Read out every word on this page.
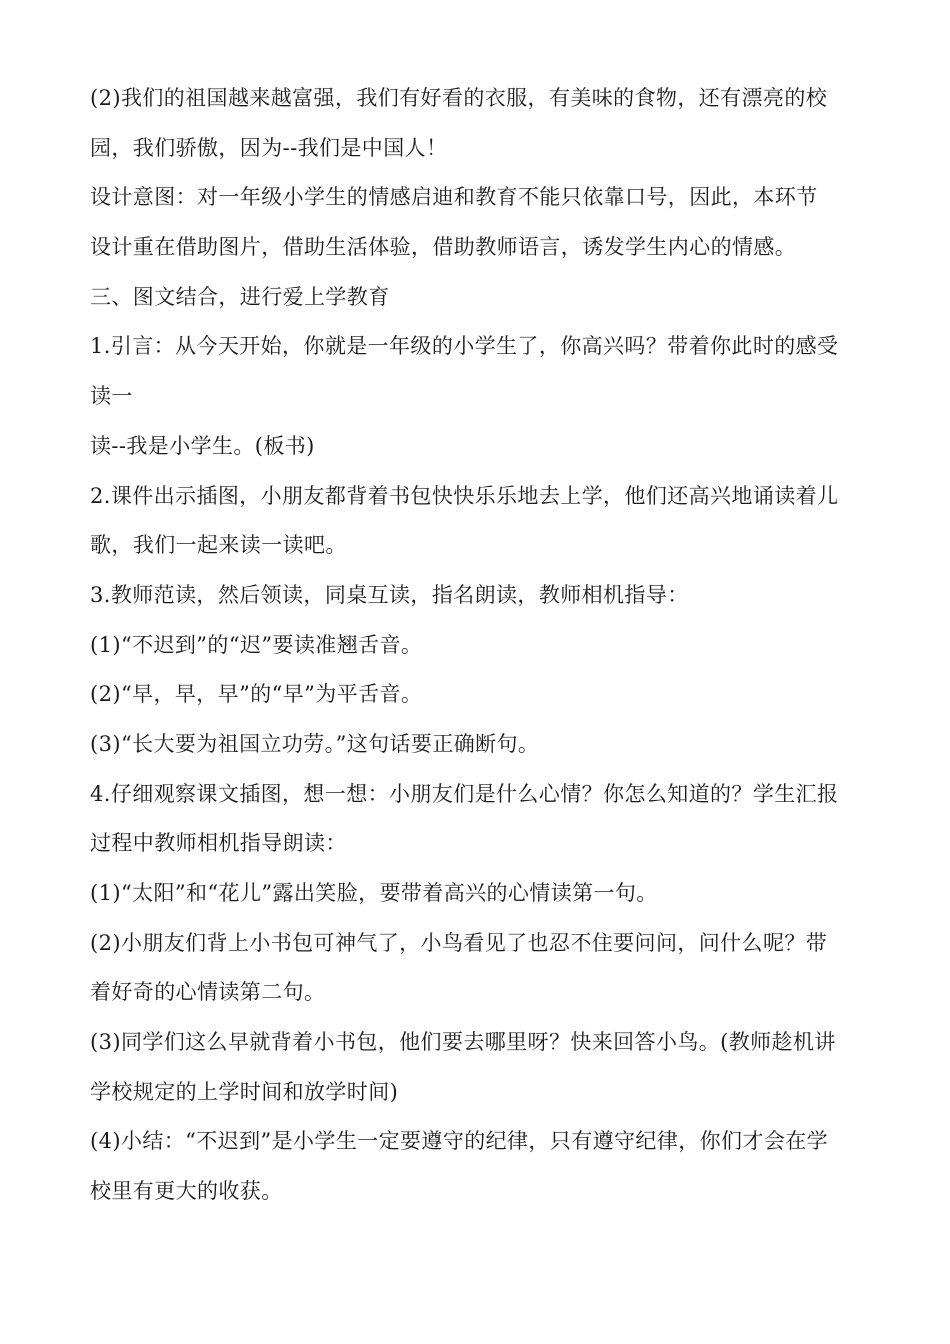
(2)我们的祖国越来越富强，我们有好看的衣服，有美味的食物，还有漂亮的校
园，我们骄傲，因为--我们是中国人！
设计意图：对一年级小学生的情感启迪和教育不能只依靠口号，因此，本环节
设计重在借助图片，借助生活体验，借助教师语言，诱发学生内心的情感。
三、图文结合，进行爱上学教育
1.引言：从今天开始，你就是一年级的小学生了，你高兴吗？带着你此时的感受
读一
读--我是小学生。(板书)
2.课件出示插图，小朋友都背着书包快快乐乐地去上学，他们还高兴地诵读着儿
歌，我们一起来读一读吧。
3.教师范读，然后领读，同桌互读，指名朗读，教师相机指导：
(1)“不迟到”的“迟”要读准翘舌音。
(2)“早，早，早”的“早”为平舌音。
(3)“长大要为祖国立功劳。”这句话要正确断句。
4.仔细观察课文插图，想一想：小朋友们是什么心情？你怎么知道的？学生汇报
过程中教师相机指导朗读：
(1)“太阳”和“花儿”露出笑脸，要带着高兴的心情读第一句。
(2)小朋友们背上小书包可神气了，小鸟看见了也忍不住要问问，问什么呢？带
着好奇的心情读第二句。
(3)同学们这么早就背着小书包，他们要去哪里呀？快来回答小鸟。(教师趁机讲
学校规定的上学时间和放学时间)
(4)小结：“不迟到”是小学生一定要遵守的纪律，只有遵守纪律，你们才会在学
校里有更大的收获。
